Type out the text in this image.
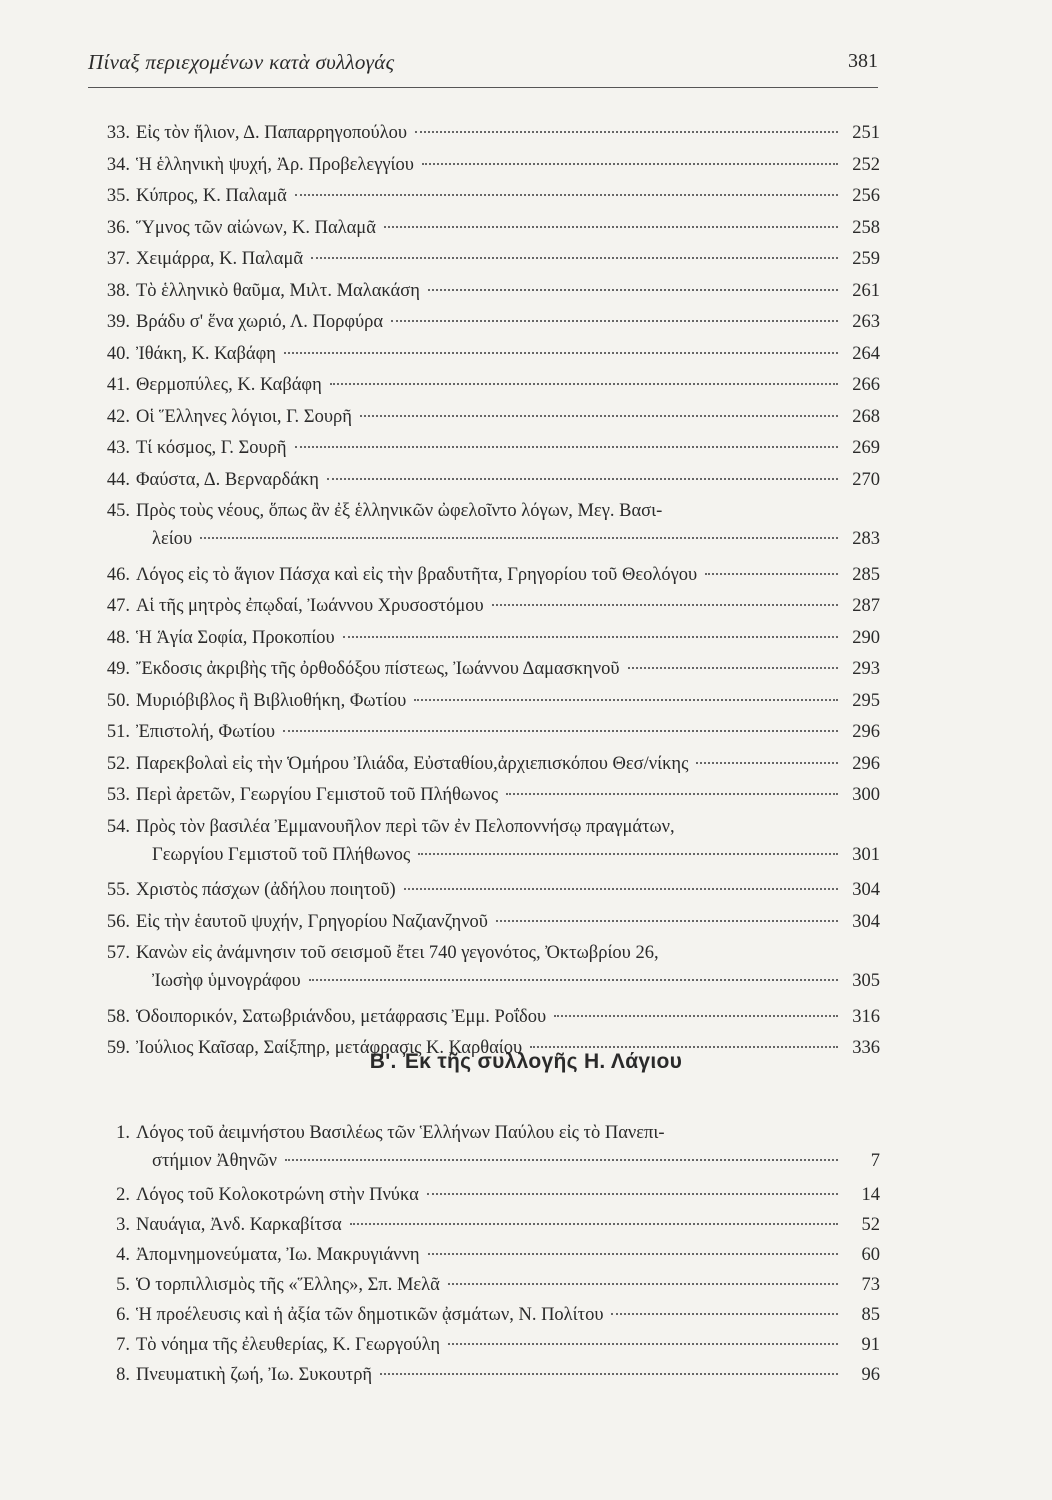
Πίναξ περιεχομένων κατὰ συλλογάς	381
33. Εἰς τὸν ἥλιον, Δ. Παπαρρηγοπούλου	251
34. Ἡ ἑλληνικὴ ψυχή, Ἀρ. Προβελεγγίου	252
35. Κύπρος, Κ. Παλαμᾶ	256
36. Ὕμνος τῶν αἰώνων, Κ. Παλαμᾶ	258
37. Χειμάρρα, Κ. Παλαμᾶ	259
38. Τὸ ἑλληνικὸ θαῦμα, Μιλτ. Μαλακάση	261
39. Βράδυ σ' ἕνα χωριό, Λ. Πορφύρα	263
40. Ἰθάκη, Κ. Καβάφη	264
41. Θερμοπύλες, Κ. Καβάφη	266
42. Οἱ Ἕλληνες λόγιοι, Γ. Σουρῆ	268
43. Τί κόσμος, Γ. Σουρῆ	269
44. Φαύστα, Δ. Βερναρδάκη	270
45. Πρὸς τοὺς νέους, ὅπως ἂν ἐξ ἑλληνικῶν ὠφελοῖντο λόγων, Μεγ. Βασι-
λείου	283
46. Λόγος εἰς τὸ ἅγιον Πάσχα καὶ εἰς τὴν βραδυτῆτα, Γρηγορίου τοῦ Θεολόγου	285
47. Αἱ τῆς μητρὸς ἐπῳδαί, Ἰωάννου Χρυσοστόμου	287
48. Ἡ Ἁγία Σοφία, Προκοπίου	290
49. Ἔκδοσις ἀκριβὴς τῆς ὀρθοδόξου πίστεως, Ἰωάννου Δαμασκηνοῦ	293
50. Μυριόβιβλος ἢ Βιβλιοθήκη, Φωτίου	295
51. Ἐπιστολή, Φωτίου	296
52. Παρεκβολαὶ εἰς τὴν Ὁμήρου Ἰλιάδα, Εὐσταθίου,ἀρχιεπισκόπου Θεσ/νίκης	296
53. Περὶ ἀρετῶν, Γεωργίου Γεμιστοῦ τοῦ Πλήθωνος	300
54. Πρὸς τὸν βασιλέα Ἐμμανουῆλον περὶ τῶν ἐν Πελοποννήσῳ πραγμάτων,
Γεωργίου Γεμιστοῦ τοῦ Πλήθωνος	301
55. Χριστὸς πάσχων (ἀδήλου ποιητοῦ)	304
56. Εἰς τὴν ἑαυτοῦ ψυχήν, Γρηγορίου Ναζιανζηνοῦ	304
57. Κανὼν εἰς ἀνάμνησιν τοῦ σεισμοῦ ἔτει 740 γεγονότος, Ὀκτωβρίου 26,
Ἰωσὴφ ὑμνογράφου	305
58. Ὁδοιπορικόν, Σατωβριάνδου, μετάφρασις Ἐμμ. Ροΐδου	316
59. Ἰούλιος Καῖσαρ, Σαίξπηρ, μετάφρασις Κ. Καρθαίου	336
Β'. Ἐκ τῆς συλλογῆς Η. Λάγιου
1. Λόγος τοῦ ἀειμνήστου Βασιλέως τῶν Ἑλλήνων Παύλου εἰς τὸ Πανεπι-
στήμιον Ἀθηνῶν	7
2. Λόγος τοῦ Κολοκοτρώνη στὴν Πνύκα	14
3. Ναυάγια, Ἀνδ. Καρκαβίτσα	52
4. Ἀπομνημονεύματα, Ἰω. Μακρυγιάννη	60
5. Ὁ τορπιλλισμὸς τῆς «Ἕλλης», Σπ. Μελᾶ	73
6. Ἡ προέλευσις καὶ ἡ ἀξία τῶν δημοτικῶν ᾀσμάτων, Ν. Πολίτου	85
7. Τὸ νόημα τῆς ἐλευθερίας, Κ. Γεωργούλη	91
8. Πνευματικὴ ζωή, Ἰω. Συκουτρῆ	96
